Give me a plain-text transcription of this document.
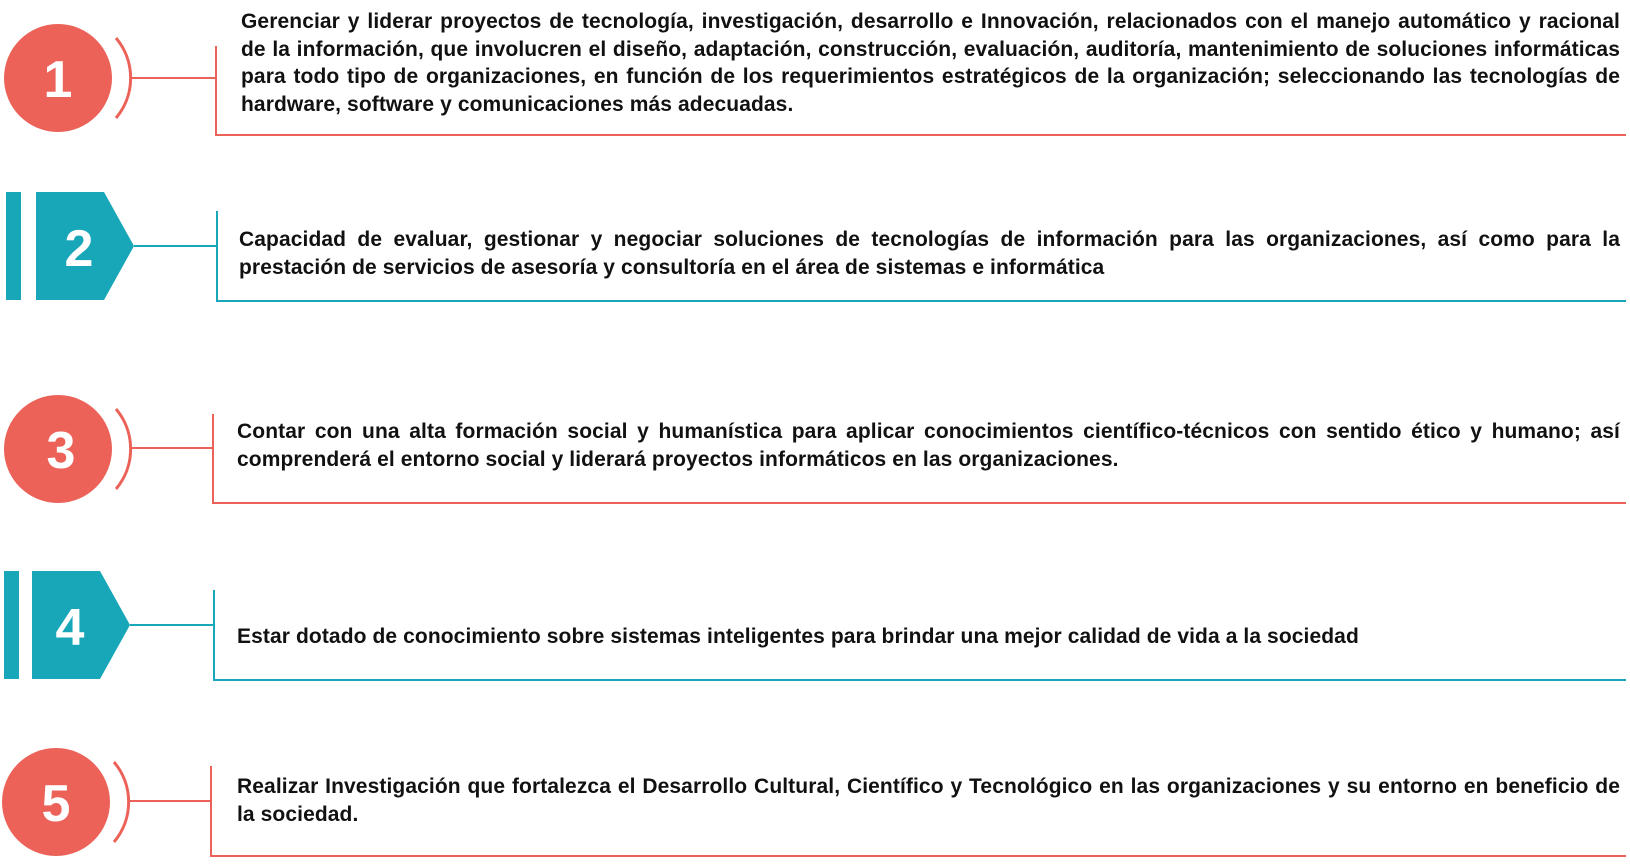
1
Gerenciar y liderar proyectos de tecnología, investigación, desarrollo e Innovación, relacionados con el manejo automático y racional de la información, que involucren el diseño, adaptación, construcción, evaluación, auditoría, mantenimiento de soluciones informáticas para todo tipo de organizaciones, en función de los requerimientos estratégicos de la organización; seleccionando las tecnologías de hardware, software y comunicaciones más adecuadas.
2	Capacidad de evaluar, gestionar y negociar soluciones de tecnologías de información para las organizaciones, así como para la prestación de servicios de asesoría y consultoría en el área de sistemas e informática
3	Contar con una alta formación social y humanística para aplicar conocimientos científico-técnicos con sentido ético y humano; así comprenderá el entorno social y liderará proyectos informáticos en las organizaciones.
4	Estar dotado de conocimiento sobre sistemas inteligentes para brindar una mejor calidad de vida a la sociedad
5	Realizar Investigación que fortalezca el Desarrollo Cultural, Científico y Tecnológico en las organizaciones y su entorno en beneficio de la sociedad.
